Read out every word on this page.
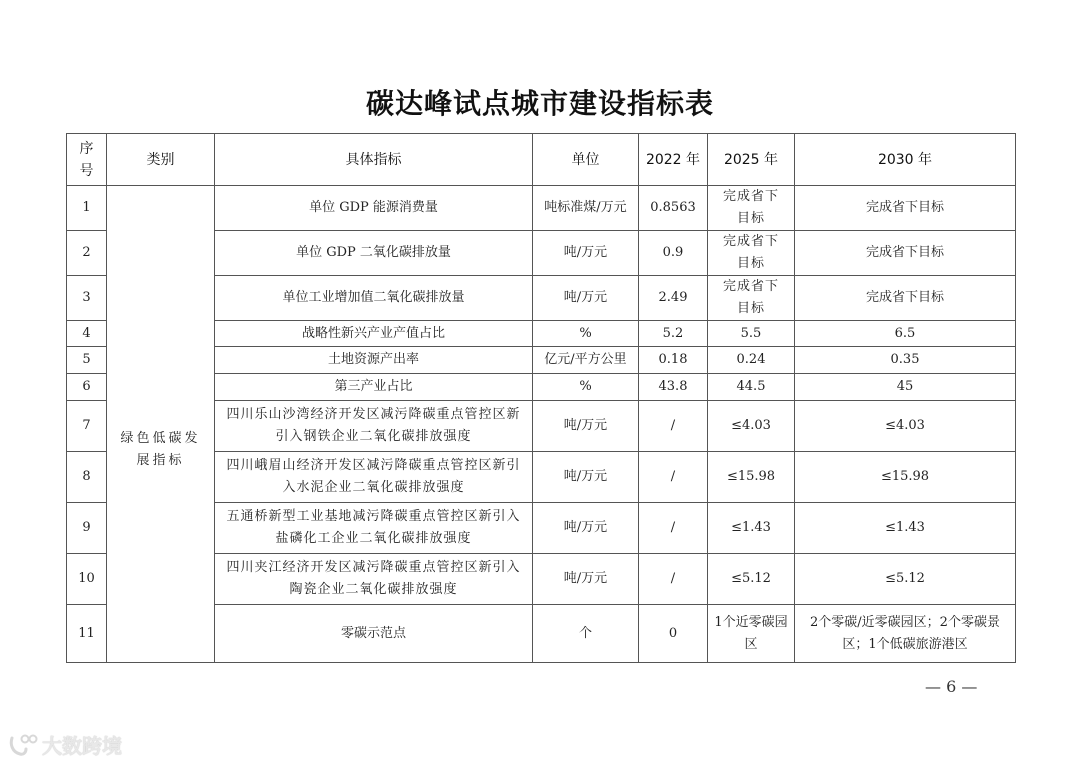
碳达峰试点城市建设指标表
序号	类别	具体指标	单位	2022 年	2025 年	2030 年
1	绿色低碳发展指标	单位 GDP 能源消费量	吨标准煤/万元	0.8563	完成省下目标	完成省下目标
2		单位 GDP 二氧化碳排放量	吨/万元	0.9	完成省下目标	完成省下目标
3		单位工业增加值二氧化碳排放量	吨/万元	2.49	完成省下目标	完成省下目标
4		战略性新兴产业产值占比	%	5.2	5.5	6.5
5		土地资源产出率	亿元/平方公里	0.18	0.24	0.35
6		第三产业占比	%	43.8	44.5	45
7		四川乐山沙湾经济开发区减污降碳重点管控区新引入钢铁企业二氧化碳排放强度	吨/万元	/	≤4.03	≤4.03
8		四川峨眉山经济开发区减污降碳重点管控区新引入水泥企业二氧化碳排放强度	吨/万元	/	≤15.98	≤15.98
9		五通桥新型工业基地减污降碳重点管控区新引入盐磷化工企业二氧化碳排放强度	吨/万元	/	≤1.43	≤1.43
10		四川夹江经济开发区减污降碳重点管控区新引入陶瓷企业二氧化碳排放强度	吨/万元	/	≤5.12	≤5.12
11		零碳示范点	个	0	1个近零碳园区	2个零碳/近零碳园区；2个零碳景区；1个低碳旅游港区
— 6 —
大数跨境
